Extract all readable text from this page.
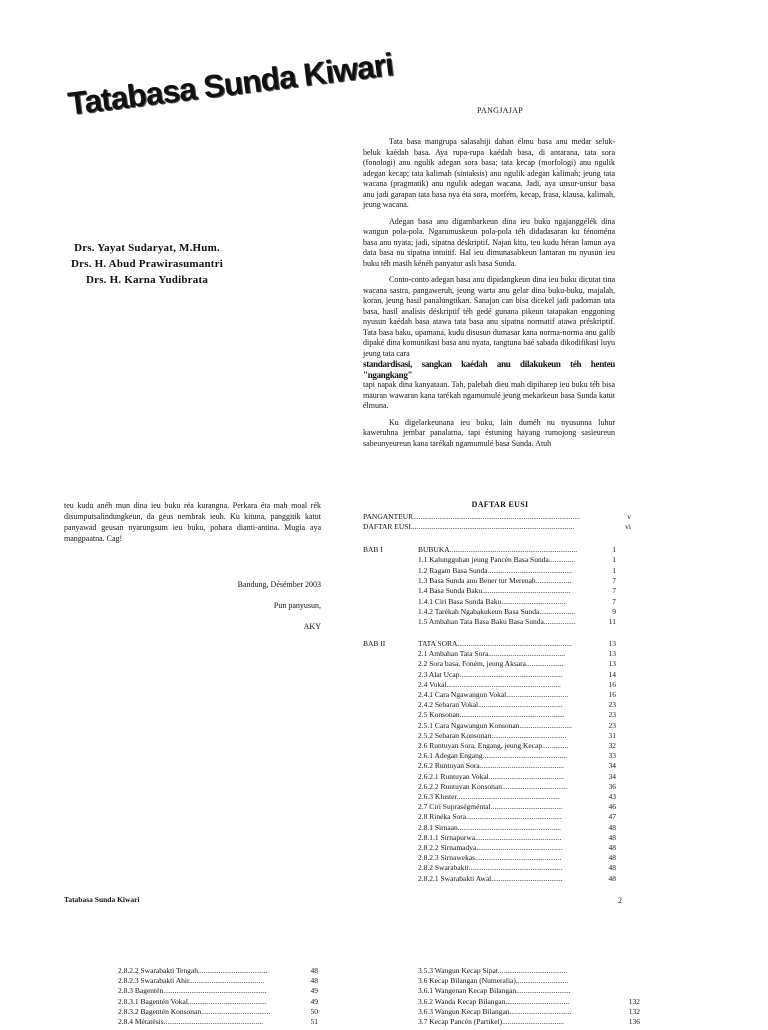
Tatabasa Sunda Kiwari
Drs. Yayat Sudaryat, M.Hum.
Drs. H. Abud Prawirasumantri
Drs. H. Karna Yudibrata
PANGJAJAP

Tata basa mangrupa salasahiji dahan élmu basa anu medar seluk- beluk kaédah basa. Aya rupa-rupa kaédah basa, di antarana, tata sora (fonologi) anu ngulik adegan sora basa; tata kecap (morfologi) anu ngulik adegan kecap; tata kalimah (sintaksis) anu ngulik adegan kalimah; jeung tata wacana (pragmatik) anu ngulik adegan wacana. Jadi, aya unsur-unsur basa anu jadi garapan tata basa nya éta sora, morfém, kecap, frasa, klausa, kalimah, jeung wacana.

Adegan basa anu digambarkeun dina ieu buku ngajanggélék dina wangun pola-pola. Ngarumuskeun pola-pola téh didadasaran ku fénoména basa anu nyata; jadi, sipatna déskriptif. Najan kitu, teu kudu héran lamun aya data basa nu sipatna intuitif. Hal ieu dimunasabkeun lantaran nu nyusun ieu buku téh masih kénéh panyatur asli basa Sunda.

Conto-conto adegan basa anu dipidangkeun dina ieu buku dicutat tina wacana sastra, pangaweruh, jeung warta anu gelar dina buku-buku, majalah, koran, jeung hasil panalungtikan. Sanajan can bisa dicekel jadi padoman tata basa, hasil analisis déskriptif téh gedé gunana pikeun tatapakan enggoning nyusun kaédah basa atawa tata basa anu sipatna normatif atawa préskriptif. Tata basa baku, upamana, kudu disusun dumasar kana norma-norma anu galib dipaké dina komunikasi basa anu nyata, tangtuna baé sabada dikodifikasi luyu jeung tata cara

standardisasi, sangkan kaédah anu dilakukeun téh henteu "ngangkang"

tapi napak dina kanyataan. Tah, palebah dieu mah dipiharep ieu buku téh bisa mauran wawaran kana tarékah ngamumulé jeung mekarkeun basa Sunda katut élmuna.

Ku digelarkeunana ieu buku, lain duméh nu nyusunna luhur kaweruhna jembar panalarna, tapi éstuning hayang rumojong sasieureun sabeunyeureun kana tarékah ngamumulé basa Sunda. Atuh

teu kudu anéh mun dina ieu buku réa kurangna. Perkara éta mah moal rék disumputsalindungkeun, da geus nembrak ieuh. Ku kituna, panggitik katut panyawad geusan nyarungsum ieu buku, pohara dianti-antina. Mugia aya mangpaatna. Cag!
Bandung, Désémber 2003
Pun panyusun,
AKY
DAFTAR EUSI
PANGANTEUR.........................................................................................	v
DAFTAR EUSI.......................................................................................	vi
BAB I	BUBUKA....................................................................	1
1.1 Kalungguhan jeung Pancén Basa Sunda..............	1
1.2 Ragam Basa Sunda.............................................	1
1.3 Basa Sunda anu Bener tur Merenah...................	7
1.4 Basa Sunda Baku...............................................	7
1.4.1 Ciri Basa Sunda Baku...................................	7
1.4.2 Tarékah Ngabakukeun Basa Sunda...................	9
1.5 Ambahan Tata Basa Baku Basa Sunda.................	11
BAB II	TATA SORA.............................................................	13
2.1 Ambahan Tata Sora.........................................	13
2.2 Sora basa, Foném, jeung Aksara....................	13
2.3 Alat Ucap.......................................................	14
2.4 Vokal.............................................................	16
2.4.1 Cara Ngawangun Vokal.................................	16
2.4.2 Sebaran Vokal.............................................	23
2.5 Konsonan........................................................	23
2.5.1 Cara Ngawangun Konsonan............................	23
2.5.2 Sebaran Konsonan........................................	31
2.6 Runtuyan Sora, Engang, jeung Kecap..............	32
2.6.1 Adegan Engang.............................................	33
2.6.2 Runtuyan Sora.............................................	34
2.6.2.1 Runtuyan Vokal........................................	34
2.6.2.2 Runtuyan Konsonan...................................	36
2.6.3 Kluster.......................................................	43
2.7 Ciri Supraségméntal......................................	46
2.8 Rinéka Sora...................................................	47
2.8.1 Sirnaan.......................................................	48
2.8.1.1 Sirnapurwa..............................................	48
2.8.2.2 Sirnamadya..............................................	48
2.8.2.3 Sirnawekas..............................................	48
2.8.2 Swarabakti..................................................	48
2.8.2.1 Swarabakti Awal......................................	48
Tatabasa Sunda Kiwari	2
2.8.2.2 Swarabakti Tengah.....................................	48
2.8.2.3 Swarabakti Ahir........................................	48
2.8.3 Bagentén.......................................................	49
2.8.3.1 Bagentén Vokal..........................................	49
2.8.3.2 Bagentén Konsonan.....................................	50
2.8.4 Métatésis.....................................................	51
3.5.3 Wangun Kecap Sipat.....................................
3.6 Kecap Bilangan (Numeralia)............................
3.6.1 Wangenan Kecap Bilangan.............................
3.6.2 Wanda Kecap Bilangan..................................	132
3.6.3 Wangun Kecap Bilangan.................................	132
3.7 Kecap Pancén (Partikel).................................	136
